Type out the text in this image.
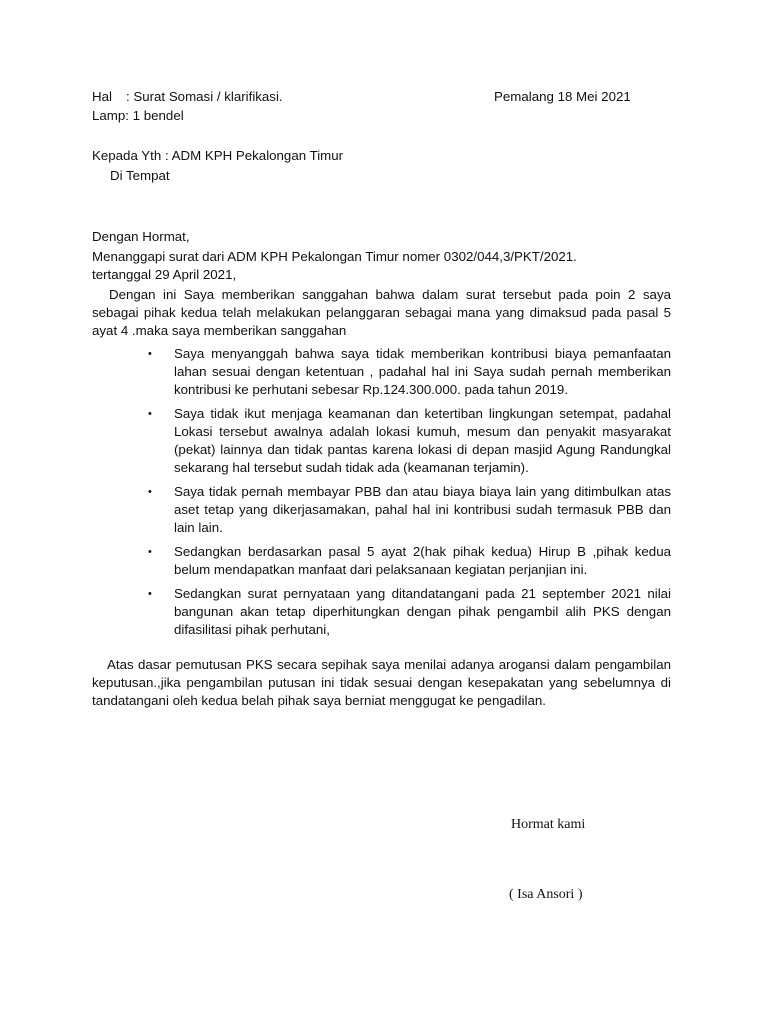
Hal : Surat Somasi / klarifikasi.	Pemalang 18 Mei 2021
Lamp: 1 bendel
Kepada Yth : ADM KPH Pekalongan Timur
Di Tempat
Dengan Hormat,
Menanggapi surat dari ADM KPH Pekalongan Timur nomer 0302/044,3/PKT/2021.
tertanggal 29 April 2021,
Dengan ini Saya memberikan sanggahan bahwa dalam surat tersebut pada poin 2 saya sebagai pihak kedua telah melakukan pelanggaran sebagai mana yang dimaksud pada pasal 5 ayat 4 .maka saya memberikan sanggahan
• Saya menyanggah bahwa saya tidak memberikan kontribusi biaya pemanfaatan lahan sesuai dengan ketentuan , padahal hal ini Saya sudah pernah memberikan kontribusi ke perhutani sebesar Rp.124.300.000. pada tahun 2019.
• Saya tidak ikut menjaga keamanan dan ketertiban lingkungan setempat, padahal Lokasi tersebut awalnya adalah lokasi kumuh, mesum dan penyakit masyarakat (pekat) lainnya dan tidak pantas karena lokasi di depan masjid Agung Randungkal sekarang hal tersebut sudah tidak ada (keamanan terjamin).
• Saya tidak pernah membayar PBB dan atau biaya biaya lain yang ditimbulkan atas aset tetap yang dikerjasamakan, pahal hal ini kontribusi sudah termasuk PBB dan lain lain.
• Sedangkan berdasarkan pasal 5 ayat 2(hak pihak kedua) Hirup B ,pihak kedua belum mendapatkan manfaat dari pelaksanaan kegiatan perjanjian ini.
• Sedangkan surat pernyataan yang ditandatangani pada 21 september 2021 nilai bangunan akan tetap diperhitungkan dengan pihak pengambil alih PKS dengan difasilitasi pihak perhutani,
Atas dasar pemutusan PKS secara sepihak saya menilai adanya arogansi dalam pengambilan keputusan.,jika pengambilan putusan ini tidak sesuai dengan kesepakatan yang sebelumnya di tandatangani oleh kedua belah pihak saya berniat menggugat ke pengadilan.
Hormat kami
( Isa Ansori )
